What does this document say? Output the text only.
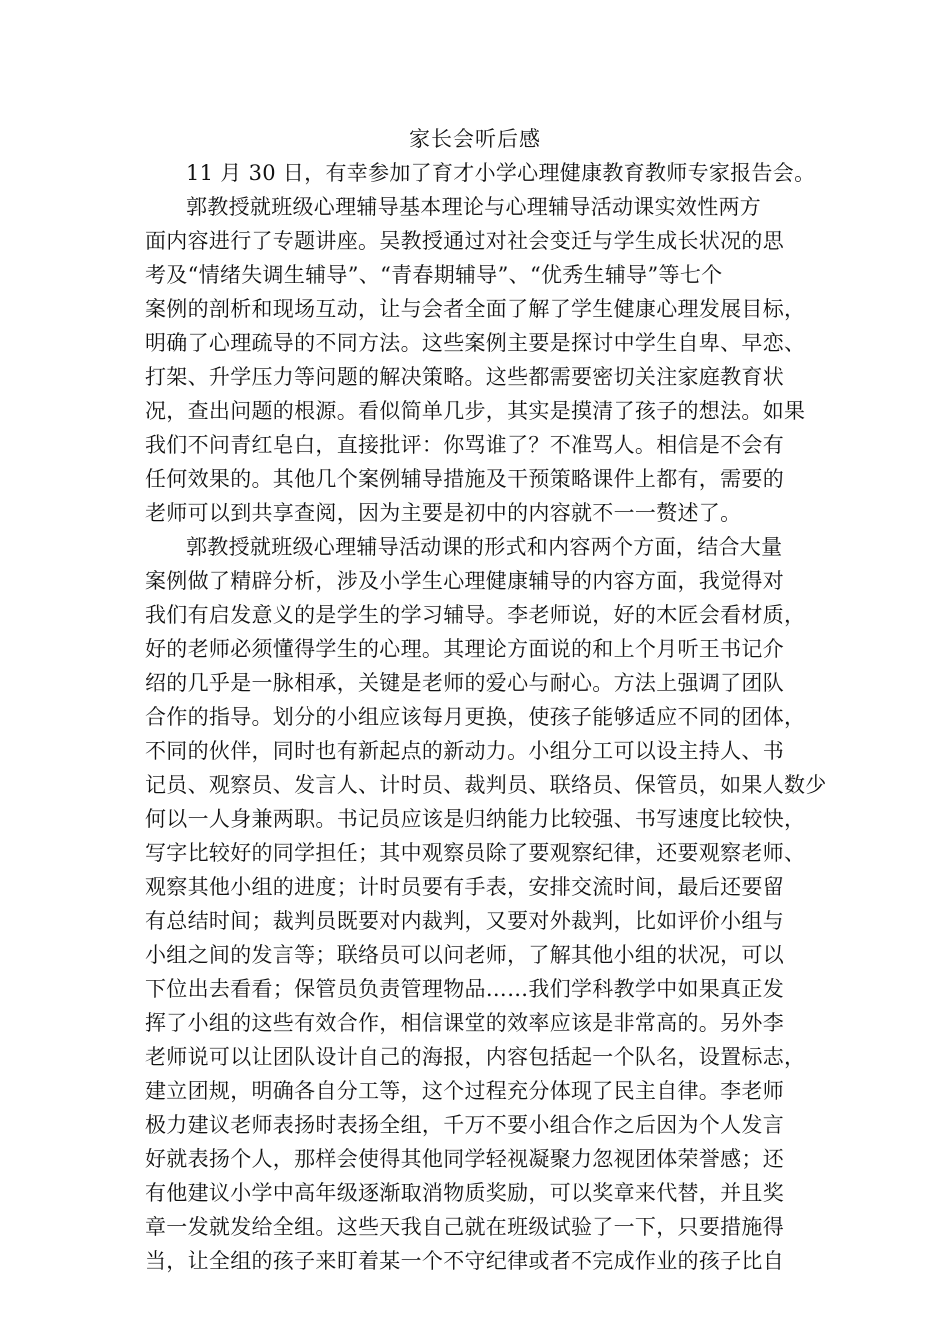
家长会听后感
11 月 30 日，有幸参加了育才小学心理健康教育教师专家报告会。
郭教授就班级心理辅导基本理论与心理辅导活动课实效性两方
面内容进行了专题讲座。吴教授通过对社会变迁与学生成长状况的思
考及“情绪失调生辅导”、“青春期辅导”、“优秀生辅导”等七个
案例的剖析和现场互动，让与会者全面了解了学生健康心理发展目标，
明确了心理疏导的不同方法。这些案例主要是探讨中学生自卑、早恋、
打架、升学压力等问题的解决策略。这些都需要密切关注家庭教育状
况，查出问题的根源。看似简单几步，其实是摸清了孩子的想法。如果
我们不问青红皂白，直接批评：你骂谁了？不准骂人。相信是不会有
任何效果的。其他几个案例辅导措施及干预策略课件上都有，需要的
老师可以到共享查阅，因为主要是初中的内容就不一一赘述了。
郭教授就班级心理辅导活动课的形式和内容两个方面，结合大量
案例做了精辟分析，涉及小学生心理健康辅导的内容方面，我觉得对
我们有启发意义的是学生的学习辅导。李老师说，好的木匠会看材质，
好的老师必须懂得学生的心理。其理论方面说的和上个月听王书记介
绍的几乎是一脉相承，关键是老师的爱心与耐心。方法上强调了团队
合作的指导。划分的小组应该每月更换，使孩子能够适应不同的团体，
不同的伙伴，同时也有新起点的新动力。小组分工可以设主持人、书
记员、观察员、发言人、计时员、裁判员、联络员、保管员，如果人数少
何以一人身兼两职。书记员应该是归纳能力比较强、书写速度比较快，
写字比较好的同学担任；其中观察员除了要观察纪律，还要观察老师、
观察其他小组的进度；计时员要有手表，安排交流时间，最后还要留
有总结时间；裁判员既要对内裁判，又要对外裁判，比如评价小组与
小组之间的发言等；联络员可以问老师，了解其他小组的状况，可以
下位出去看看；保管员负责管理物品……我们学科教学中如果真正发
挥了小组的这些有效合作，相信课堂的效率应该是非常高的。另外李
老师说可以让团队设计自己的海报，内容包括起一个队名，设置标志，
建立团规，明确各自分工等，这个过程充分体现了民主自律。李老师
极力建议老师表扬时表扬全组，千万不要小组合作之后因为个人发言
好就表扬个人，那样会使得其他同学轻视凝聚力忽视团体荣誉感；还
有他建议小学中高年级逐渐取消物质奖励，可以奖章来代替，并且奖
章一发就发给全组。这些天我自己就在班级试验了一下，只要措施得
当，让全组的孩子来盯着某一个不守纪律或者不完成作业的孩子比自
